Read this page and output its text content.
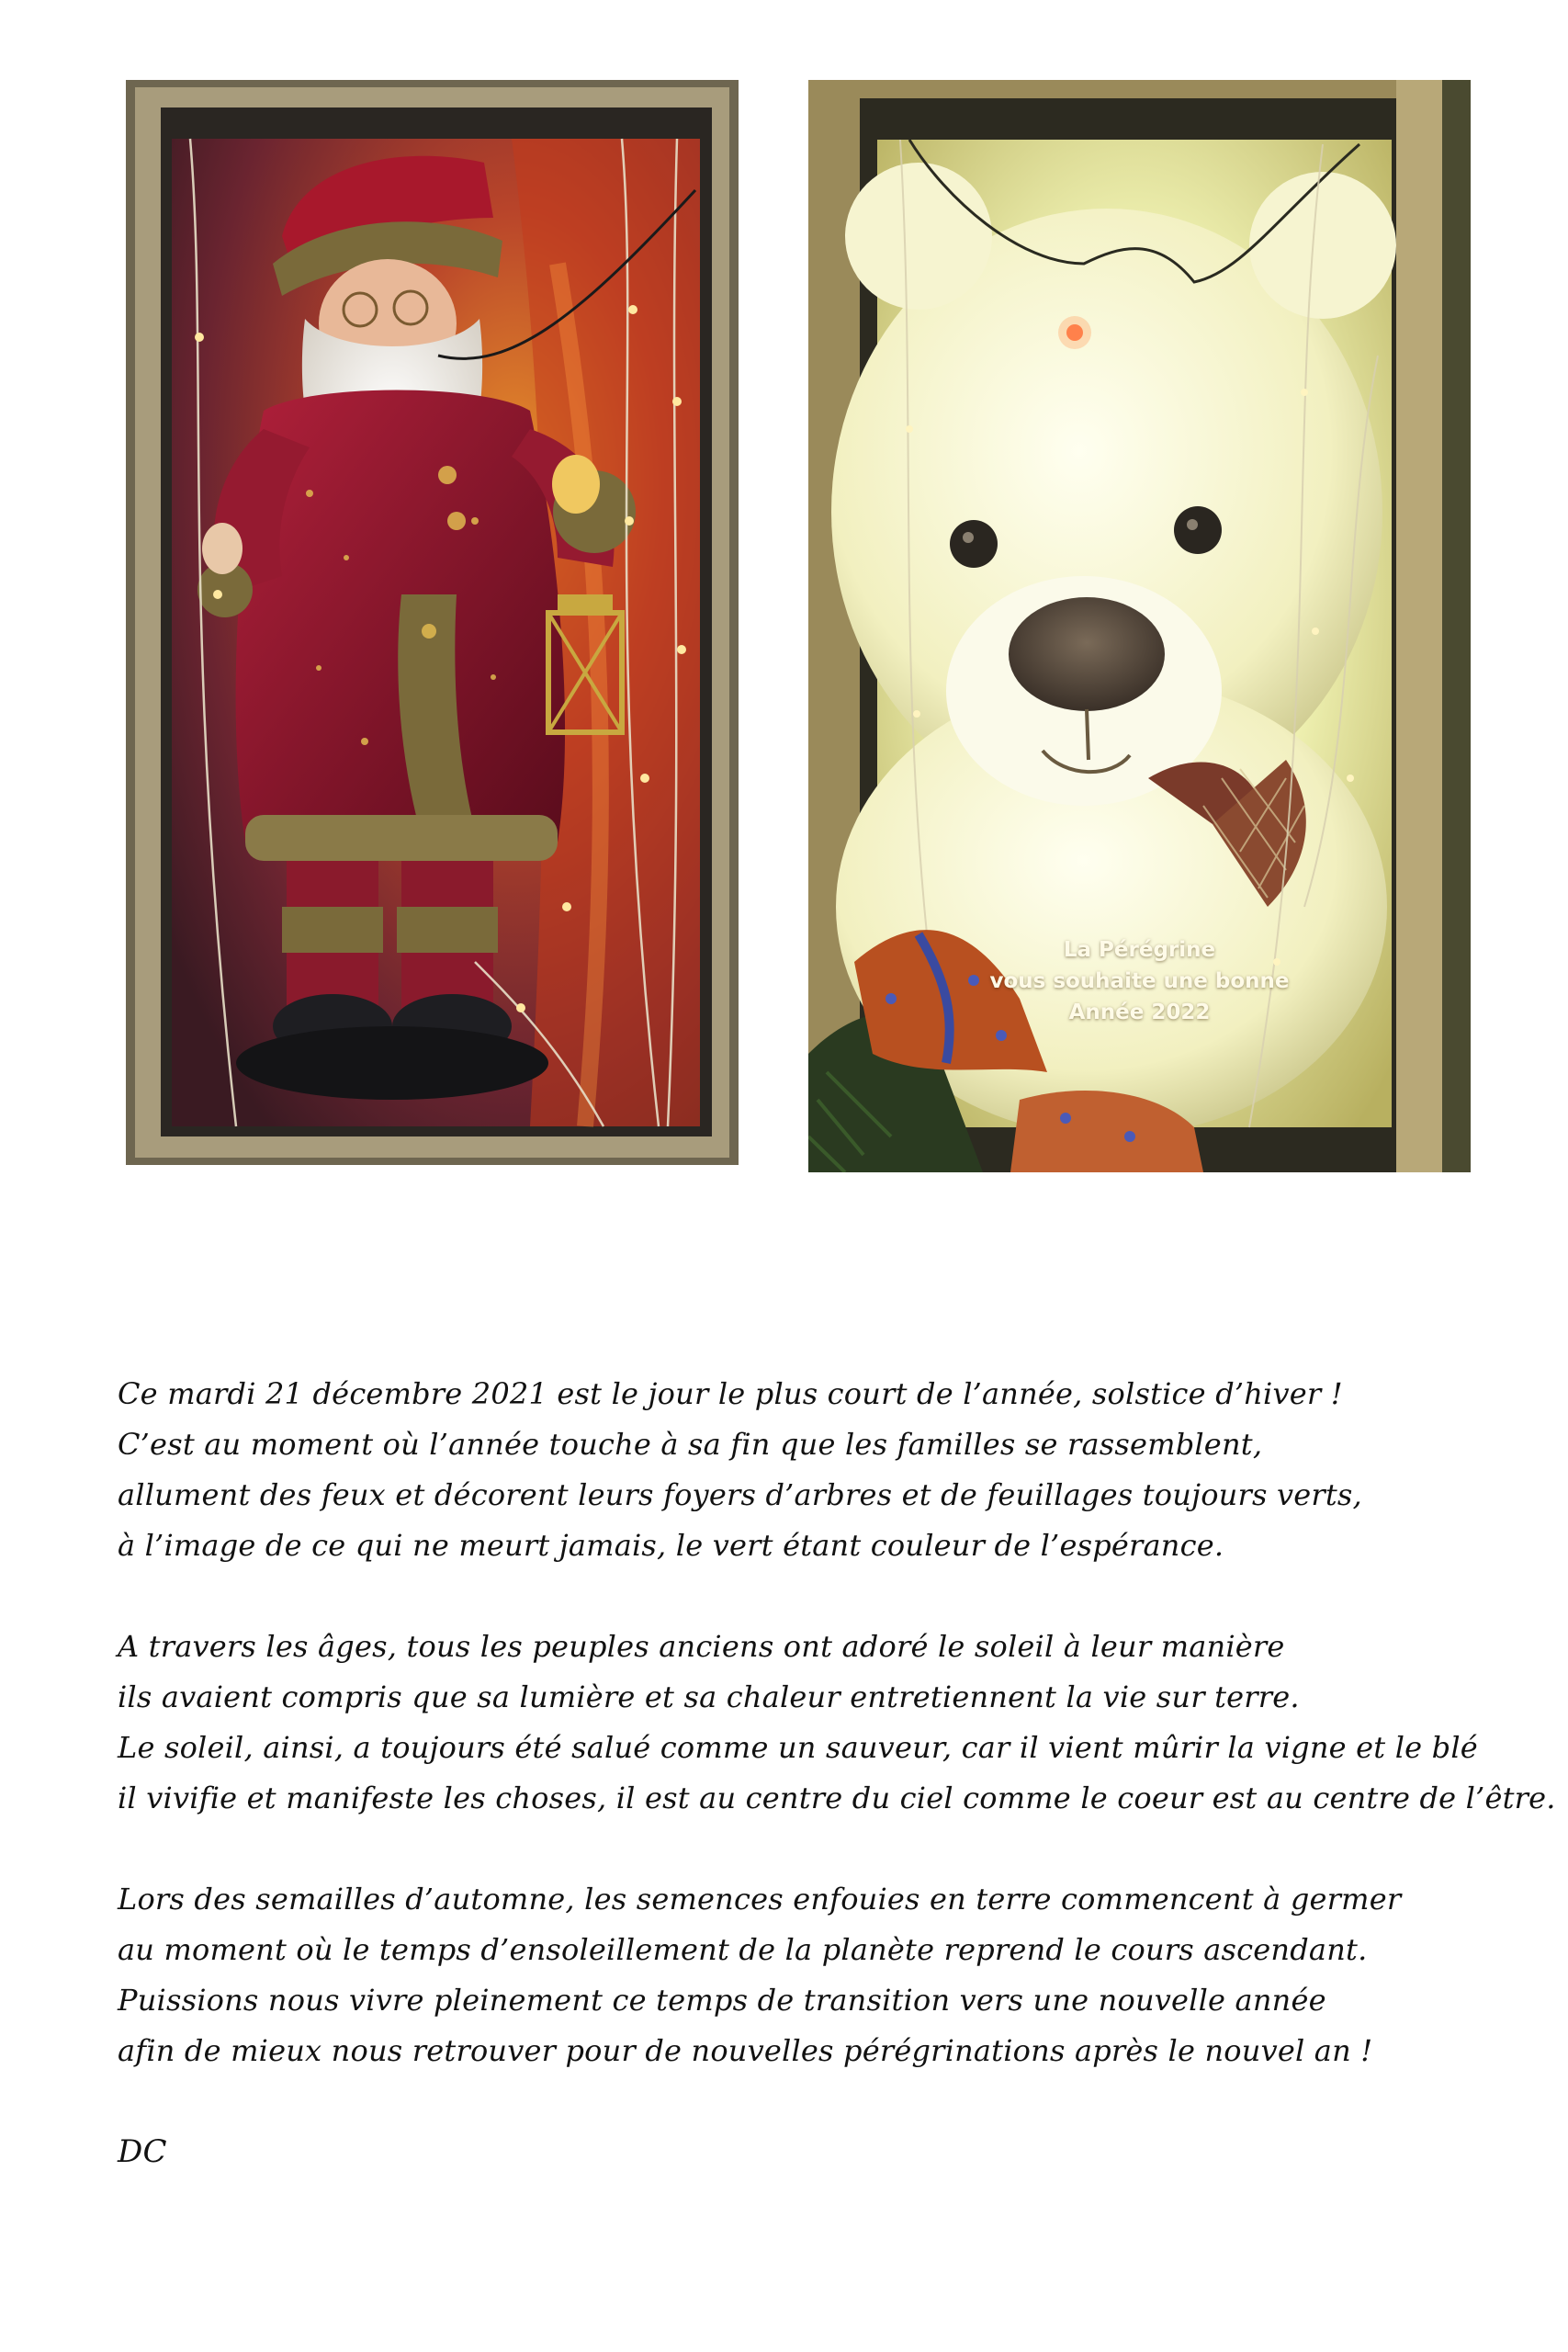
La Pérégrine
vous souhaite une bonne
Année 2022
Ce mardi 21 décembre 2021 est le jour le plus court de l’année, solstice d’hiver !
C’est au moment où l’année touche à sa fin que les familles se rassemblent,
allument des feux et décorent leurs foyers d’arbres et de feuillages toujours verts,
à l’image de ce qui ne meurt jamais, le vert étant couleur de l’espérance.
A travers les âges, tous les peuples anciens ont adoré le soleil à leur manière
ils avaient compris que sa lumière et sa chaleur entretiennent la vie sur terre.
Le soleil, ainsi, a toujours été salué comme un sauveur, car il vient mûrir la vigne et le blé
il vivifie et manifeste les choses, il est au centre du ciel comme le coeur est au centre de l’être.
Lors des semailles d’automne, les semences enfouies en terre commencent à germer
au moment où le temps d’ensoleillement de la planète reprend le cours ascendant.
Puissions nous vivre pleinement ce temps de transition vers une nouvelle année
afin de mieux nous retrouver pour de nouvelles pérégrinations après le nouvel an !
DC
